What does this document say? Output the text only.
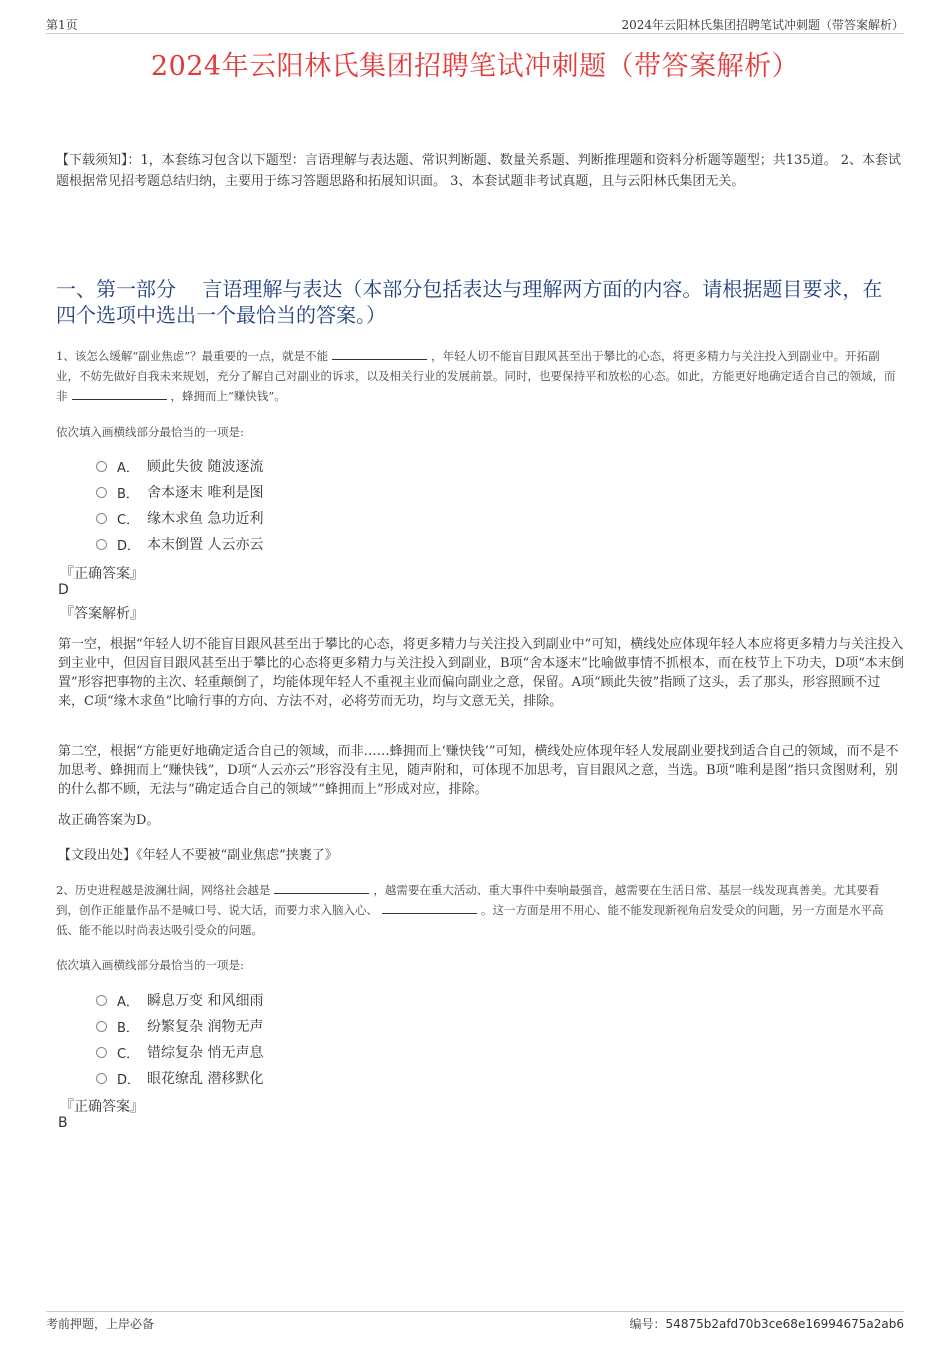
第1页	2024年云阳林氏集团招聘笔试冲刺题（带答案解析）
2024年云阳林氏集团招聘笔试冲刺题（带答案解析）
【下载须知】：1，本套练习包含以下题型：言语理解与表达题、常识判断题、数量关系题、判断推理题和资料分析题等题型；共135道。 2、本套试题根据常见招考题总结归纳，主要用于练习答题思路和拓展知识面。 3、本套试题非考试真题，且与云阳林氏集团无关。
一、第一部分　 言语理解与表达（本部分包括表达与理解两方面的内容。请根据题目要求，在四个选项中选出一个最恰当的答案。）
1、该怎么缓解“副业焦虑”？最重要的一点，就是不能	，年轻人切不能盲目跟风甚至出于攀比的心态，将更多精力与关注投入到副业中。开拓副业，不妨先做好自我未来规划，充分了解自己对副业的诉求，以及相关行业的发展前景。同时，也要保持平和放松的心态。如此，方能更好地确定适合自己的领域，而非	，蜂拥而上“赚快钱”。
依次填入画横线部分最恰当的一项是:
A． 顾此失彼 随波逐流
B． 舍本逐末 唯利是图
C． 缘木求鱼 急功近利
D． 本末倒置 人云亦云
『正确答案』
D
『答案解析』
第一空，根据“年轻人切不能盲目跟风甚至出于攀比的心态，将更多精力与关注投入到副业中”可知，横线处应体现年轻人本应将更多精力与关注投入到主业中，但因盲目跟风甚至出于攀比的心态将更多精力与关注投入到副业，B项“舍本逐末”比喻做事情不抓根本，而在枝节上下功夫，D项“本末倒置”形容把事物的主次、轻重颠倒了，均能体现年轻人不重视主业而偏向副业之意，保留。A项“顾此失彼”指顾了这头，丢了那头，形容照顾不过来，C项“缘木求鱼”比喻行事的方向、方法不对，必将劳而无功，均与文意无关，排除。
第二空，根据“方能更好地确定适合自己的领域，而非……蜂拥而上‘赚快钱’”可知，横线处应体现年轻人发展副业要找到适合自己的领域，而不是不加思考、蜂拥而上“赚快钱”，D项“人云亦云”形容没有主见，随声附和，可体现不加思考，盲目跟风之意，当选。B项“唯利是图”指只贪图财利，别的什么都不顾，无法与“确定适合自己的领域”“蜂拥而上”形成对应，排除。
故正确答案为D。
【文段出处】《年轻人不要被“副业焦虑”挟裹了》
2、历史进程越是波澜壮阔，网络社会越是	，越需要在重大活动、重大事件中奏响最强音，越需要在生活日常、基层一线发现真善美。尤其要看到，创作正能量作品不是喊口号、说大话，而要力求入脑入心、	。这一方面是用不用心、能不能发现新视角启发受众的问题，另一方面是水平高低、能不能以时尚表达吸引受众的问题。
依次填入画横线部分最恰当的一项是:
A． 瞬息万变 和风细雨
B． 纷繁复杂 润物无声
C． 错综复杂 悄无声息
D． 眼花缭乱 潜移默化
『正确答案』
B
考前押题，上岸必备	编号：54875b2afd70b3ce68e16994675a2ab6
